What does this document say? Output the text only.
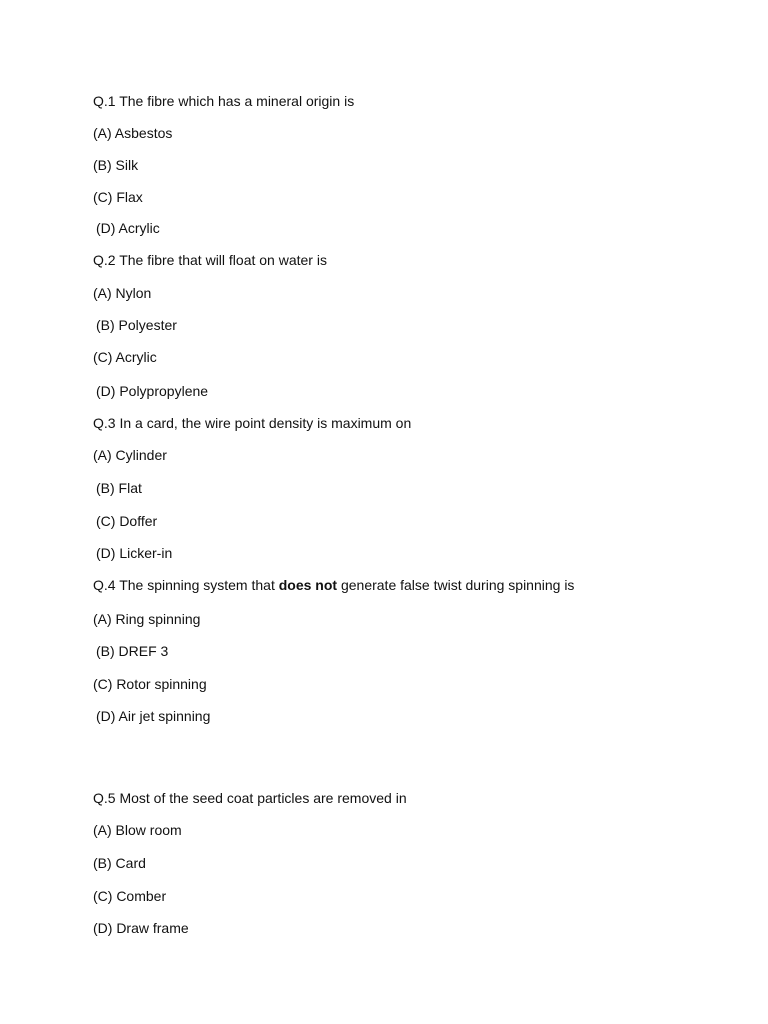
Q.1 The fibre which has a mineral origin is
(A) Asbestos
(B) Silk
(C) Flax
(D) Acrylic
Q.2 The fibre that will float on water is
(A) Nylon
(B) Polyester
(C) Acrylic
(D) Polypropylene
Q.3 In a card, the wire point density is maximum on
(A) Cylinder
(B) Flat
(C) Doffer
(D) Licker-in
Q.4 The spinning system that does not generate false twist during spinning is
(A) Ring spinning
(B) DREF 3
(C) Rotor spinning
(D) Air jet spinning
Q.5 Most of the seed coat particles are removed in
(A) Blow room
(B) Card
(C) Comber
(D) Draw frame
